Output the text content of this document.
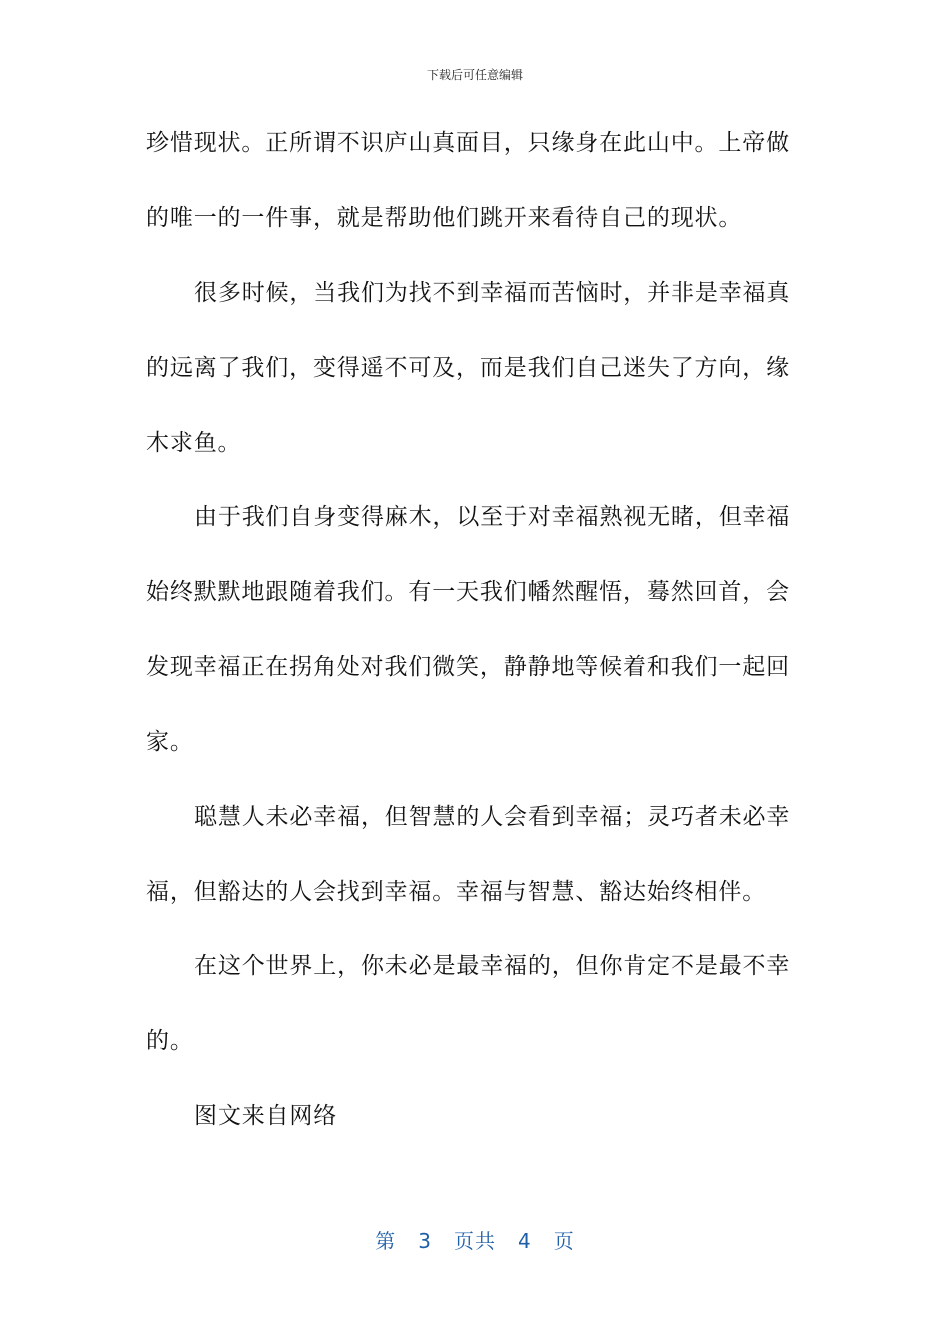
下载后可任意编辑
珍惜现状。正所谓不识庐山真面目，只缘身在此山中。上帝做
的唯一的一件事，就是帮助他们跳开来看待自己的现状。
很多时候，当我们为找不到幸福而苦恼时，并非是幸福真
的远离了我们，变得遥不可及，而是我们自己迷失了方向，缘
木求鱼。
由于我们自身变得麻木，以至于对幸福熟视无睹，但幸福
始终默默地跟随着我们。有一天我们幡然醒悟，蓦然回首，会
发现幸福正在拐角处对我们微笑，静静地等候着和我们一起回
家。
聪慧人未必幸福，但智慧的人会看到幸福；灵巧者未必幸
福，但豁达的人会找到幸福。幸福与智慧、豁达始终相伴。
在这个世界上，你未必是最幸福的，但你肯定不是最不幸
的。
图文来自网络
第 3 页共 4 页
